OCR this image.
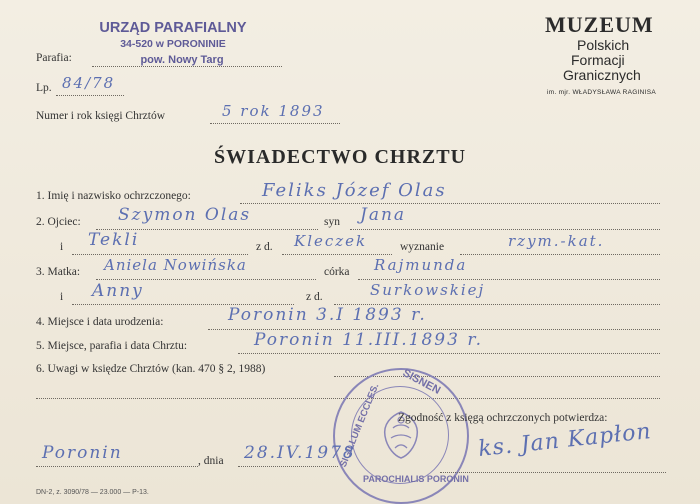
URZĄD PARAFIALNY
34-520 w PORONINIE
pow. Nowy Targ
Parafia:
Lp. 84/78
Numer i rok księgi Chrztów	5 rok 1893
MUZEUM
Polskich
Formacji
Granicznych
im. mjr. WŁADYSŁAWA RAGINISA
ŚWIADECTWO CHRZTU
1. Imię i nazwisko ochrzczonego:	Feliks Józef Olas
2. Ojciec: Szymon Olas	syn Jana
i Tekli	z d. Kleczek	wyznanie	rzym.-kat.
3. Matka: Aniela Nowińska	córka Rajmunda
i Anny	z d.	Surkowskiej
4. Miejsce i data urodzenia:	Poronin 3.I 1893 r.
5. Miejsce, parafia i data Chrztu:	Poronin 11.III.1893 r.
6. Uwagi w księdze Chrztów (kan. 470 § 2, 1988)	SISNEN
SIGILLUM ECCLES.
PAROCHIALIS PORONIN
Zgodność z księgą ochrzczonych potwierdza:
Poronin	, dnia 28.IV.1978	ks. Jan Kapłon
DN-2, z. 3090/78 — 23.000 — P-13.
